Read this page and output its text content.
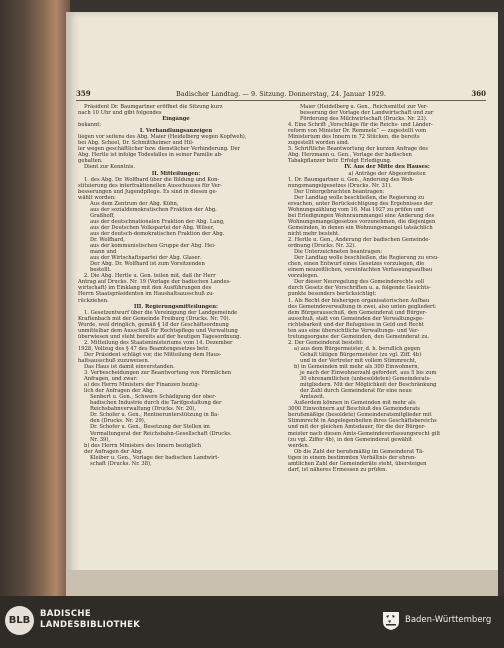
359	Badischer Landtag. — 9. Sitzung. Donnerstag, 24. Januar 1929.	360
Präsident Dr. Baumgartner eröffnet die Sitzung kurz
nach 10 Uhr und gibt folgendes
Eingänge
bekannt:
I. Verhandlungsanzeigen
liegen vor seitens des Abg. Maier (Heidelberg wegen Kopfweh),
bei Abg. Scheel, Dr. Schmittheimer und Hil-
ler wegen geschäftlicher bzw. dienstlicher Verhinderung. Der
Abg. Hertle ist infolge Todesfalles in seiner Familie ab-
gehalten.
Dient zur Kenntnis.
II. Mitteilungen:
1. des Abg. Dr. Wolfhard über die Bildung und Kon-
stituierung des interfraktionellen Ausschusses für Ver-
besserungen und Jugendpflege. Es sind in diesen ge-
wählt worden:
Aus dem Zentrum der Abg. Kühn,
aus der sozialdemokratischen Fraktion der Abg.
Graßhoff,
aus der deutschnationalen Fraktion der Abg. Lang,
aus der Deutschen Volkspartei der Abg. Wilser,
aus der deutsch-demokratischen Fraktion der Abg.
Dr. Wolfhard,
aus der kommunistischen Gruppe der Abg. Hei-
mann und
aus der Wirtschaftspartei der Abg. Glaser.
Der Abg. Dr. Wolfhard ist zum Vorsitzenden
bestellt.
2. Die Abg. Hertle u. Gen. teilen mit, daß ihr Herr
Antrag auf Drucks. Nr. 19 (Vorlage der badischen Landes-
wirtschaft) im Einklang mit den Ausführungen des
Herrn Staatspräsidenten im Haushaltsausschuß zu-
rückziehen.
III. Regierungsmitteilungen:
1. Gesetzentwurf über die Vereinigung der Landgemeinde
Kraftenbach mit der Gemeinde Freiburg (Drucks. Nr. 70).
Wurde, weil dringlich, gemäß § 18 der Geschäftsordnung
unmittelbar dem Ausschuß für Rechtspflege und Verwaltung
überwiesen und steht bereits auf der heutigen Tagesordnung.
2. Mitteilung des Staatsministeriums vom 14. Dezember
1928, Vollzug des § 47 des Beamtengesetzes betr.
Der Präsident schlägt vor, die Mitteilung dem Haus-
haltsausschuß zuzuweisen.
Das Haus ist damit einverstanden.
3. Verbescheidungen zur Beantwortung von Förmlichen
Anfragen, und zwar:
a) des Herrn Ministers der Finanzen bezüg-
lich der Anfragen der Abg.
Senbert u. Gen., Schwere Schädigung der ober-
badischen Industrie durch die Tarifgestaltung der
Reichsbahnverwaltung (Drucks. Nr. 20),
Dr. Schofer u. Gen., Rentnerunterstützung in Ba-
den (Drucks. Nr. 29),
Dr. Schofer u. Gen., Besetzung der Stellen im
Vermaltungsrat der Reichsbahn-Gesellschaft (Drucks.
Nr. 39),
b) des Herrn Ministers des Innern bezüglich
der Anfragen der Abg.
Kleiber u. Gen., Vorlage der badischen Landwirt-
schaft (Drucks. Nr. 38),
Maier (Heidelberg u. Gen., Reichsmittel zur Ver-
besserung der Vorlage der Landwirtschaft und zur
Förderung des Milchwirtschaft (Drucks. Nr. 23).
4. Eine Schrift „Vorschläge für die Reichs- und Länder-
reform von Minister Dr. Remmele“ — zugestellt vom
Ministerium des Innern in 72 Stücken, die bereits
zugestellt worden sind.
5. Schriftliche Beantwortung der kurzen Anfrage des
Abg. Herzmann u. Gen., Vorlage der badischen
Tabakpflanzer betr. Erfolgt Erledigung.
IV. Aus der Mitte des Hauses:
a) Anträge der Abgeordneten
1. Dr. Baumgartner u. Gen., Änderung des Woh-
nungsmangelgesetzes (Drucks. Nr. 31).
Der Untergebrachten beantragen:
Der Landtag wolle beschließen, die Regierung zu
ersuchen, unter Berücksichtigung des Ergebnisses der
Wohnungszählung vom 16. Mai 1927 zu prüfen und
bei Erledigungen Wohnraummangel eine Änderung des
Wohnungsmangelgesetzes vorzunehmen, die diejenigen
Gemeinden, in denen ein Wohnungsmangel tatsächlich
nicht mehr besteht.
2. Hertle u. Gen., Änderung der badischen Gemeinde-
ordnung (Drucks. Nr. 32).
Die Unterzeichneten beantragen:
Der Landtag wolle beschließen, die Regierung zu ersu-
chen, einen Entwurf eines Gesetzes vorzulegen, die
einem neuzeitlichen, vereinfachten Verfassungsaufbau
vorzulegen.
Der dieser Neuregelung des Gemeinderechts soll
durch Gesetz der Vorschriften u. a. folgende Gesichts-
punkte besonders berücksichtigt:
1. Als Recht der bisherigen organisatorischen Aufbau
des Gemeindeverwaltung in zwei, also unten gegliedert:
dem Bürgerausschuß, den Gemeinderat und Bürger-
ausschuß, statt von Gemeinden der Verwaltungsge-
richtsbarkeit und der Befugnisse in Geld und Recht
ten aus eine übersichtliche Verwaltungs- und Ver-
tretungsorgane der Gemeinden, den Gemeinderat zu.
2. Der Gemeinderat besteht:
a) aus dem Bürgermeister, d. h. beruflich gegen
Gehalt tätigen Bürgermeister (zu vgl. Ziff. 4b)
und in der Vertreter mit vollem Stimmrecht,
b) in Gemeinden mit mehr als 300 Einwohnern,
je nach der Einwohnerzahl gefordert, aus 5 bis zum
30 ehrenamtlichen (unbesoldeten) Gemeinderats-
mitgliedern. Mit der Möglichkeit der Beschränkung
der Zahl durch Gemeinderat für eine neue
Amtszeit.
Außerdem können in Gemeinden mit mehr als
3000 Einwohnern auf Beschluß des Gemeinderats
berufsmäßige (besoldete) Gemeinderatsmitglieder mit
Stimmrecht in Angelegenheiten ihres Geschäftsbereichs
und mit der gleichen Amtsdauer, für die der Bürger-
meister nach diesen Amts-Gemeindeverfassungsrecht gilt
(zu vgl. Ziffer 4b), in den Gemeinderat gewählt
werden.
Ob die Zahl der berufsmäßig im Gemeinderat Tä-
tigen in einem bestimmten Verhältnis der ehren-
amtlichen Zahl der Gemeinderäte steht, übersteigen
darf, ist näheres Ermessen zu prüfen.
BLB
BADISCHE
LANDESBIBLIOTHEK	Baden-Württemberg
